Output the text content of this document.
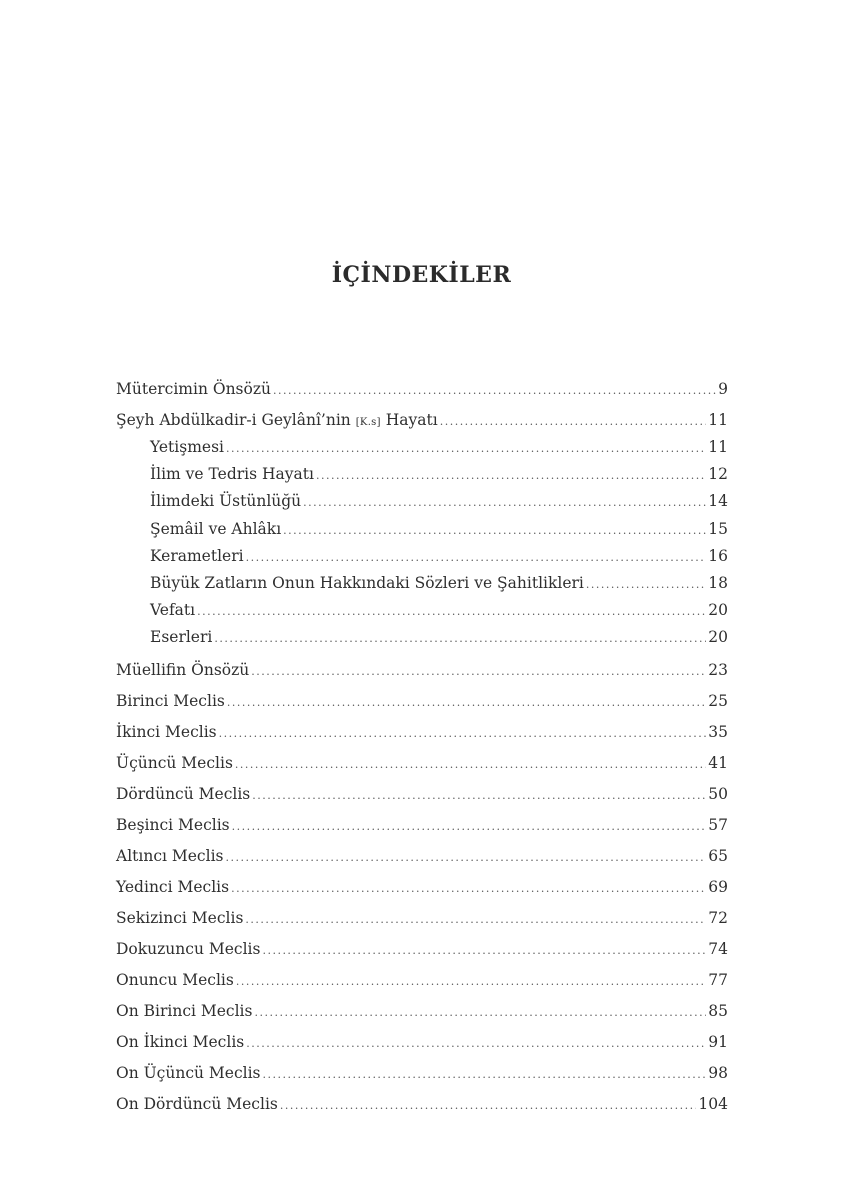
İÇİNDEKİLER
Mütercimin Önsözü .....	9
Şeyh Abdülkadir-i Geylânî’nin [K.s] Hayatı .....	11
Yetişmesi .....	11
İlim ve Tedris Hayatı .....	12
İlimdeki Üstünlüğü .....	14
Şemâil ve Ahlâkı .....	15
Kerametleri .....	16
Büyük Zatların Onun Hakkındaki Sözleri ve Şahitlikleri .....	18
Vefatı .....	20
Eserleri .....	20
Müellifin Önsözü .....	23
Birinci Meclis .....	25
İkinci Meclis .....	35
Üçüncü Meclis .....	41
Dördüncü Meclis .....	50
Beşinci Meclis .....	57
Altıncı Meclis .....	65
Yedinci Meclis .....	69
Sekizinci Meclis .....	72
Dokuzuncu Meclis .....	74
Onuncu Meclis .....	77
On Birinci Meclis .....	85
On İkinci Meclis .....	91
On Üçüncü Meclis .....	98
On Dördüncü Meclis .....	104
